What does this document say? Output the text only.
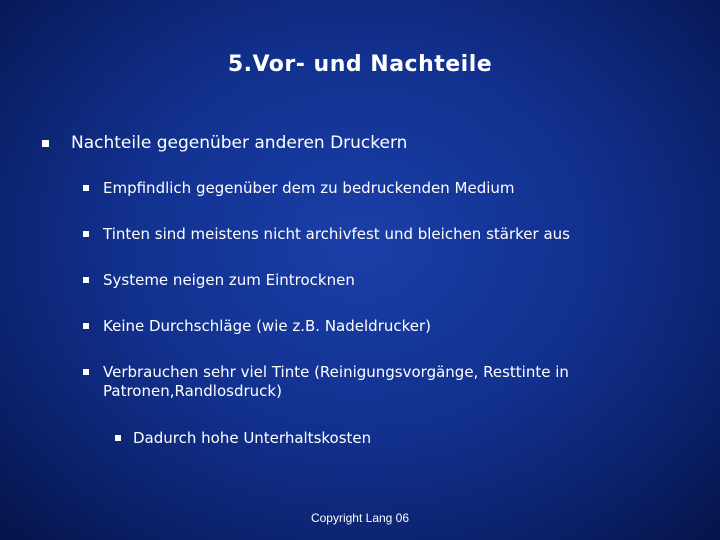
5.Vor- und Nachteile
Nachteile gegenüber anderen Druckern
Empfindlich gegenüber dem zu bedruckenden Medium
Tinten sind meistens nicht archivfest und bleichen stärker aus
Systeme neigen zum Eintrocknen
Keine Durchschläge (wie z.B. Nadeldrucker)
Verbrauchen sehr viel Tinte (Reinigungsvorgänge, Resttinte in Patronen,Randlosdruck)
Dadurch hohe Unterhaltskosten
Copyright Lang 06
